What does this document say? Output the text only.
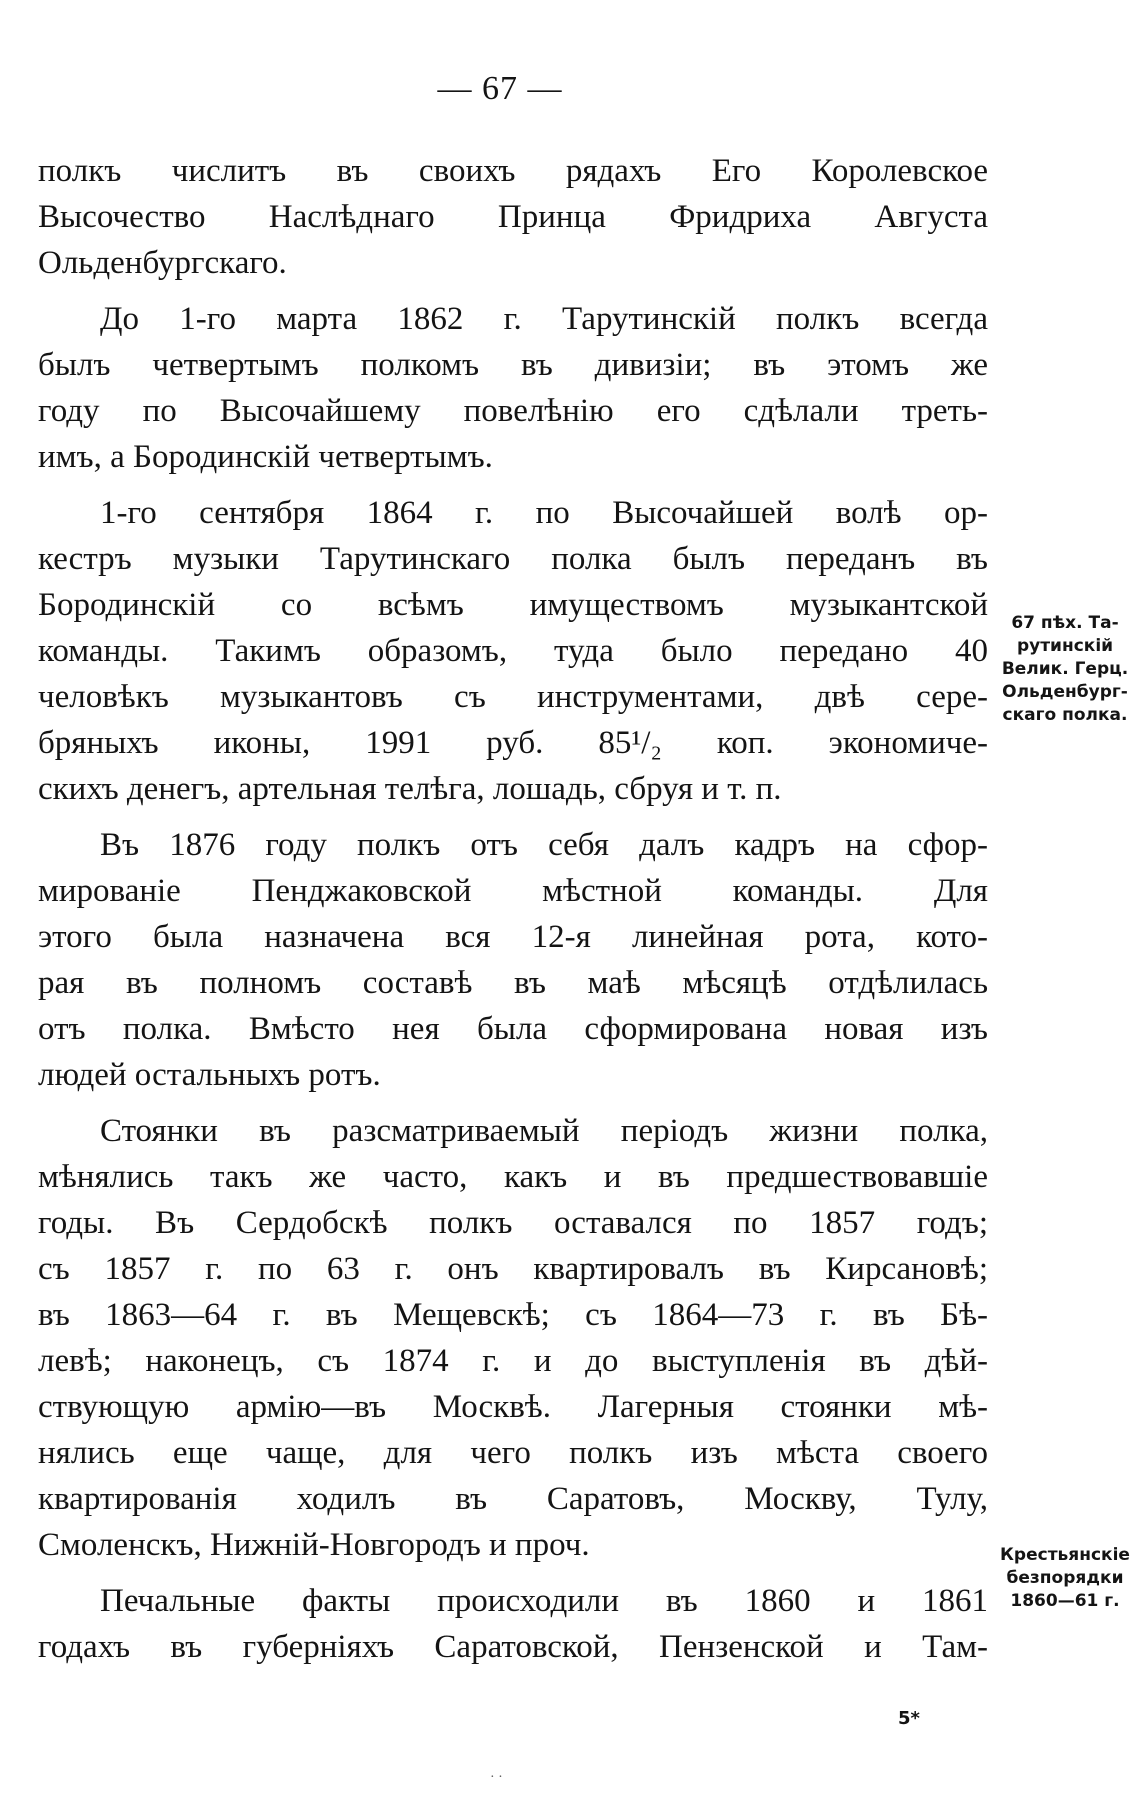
— 67 —
полкъ числитъ въ своихъ рядахъ Его Королевское
Высочество Наслѣднаго Принца Фридриха Августа
Ольденбургскаго.
До 1-го марта 1862 г. Тарутинскій полкъ всегда
былъ четвертымъ полкомъ въ дивизіи; въ этомъ же
году по Высочайшему повелѣнію его сдѣлали треть-
имъ, а Бородинскій четвертымъ.
1-го сентября 1864 г. по Высочайшей волѣ ор-
кестръ музыки Тарутинскаго полка былъ переданъ въ
Бородинскій со всѣмъ имуществомъ музыкантской
команды. Такимъ образомъ, туда было передано 40
человѣкъ музыкантовъ съ инструментами, двѣ сере-
бряныхъ иконы, 1991 руб. 85¹/₂ коп. экономиче-
скихъ денегъ, артельная телѣга, лошадь, сбруя и т. п.
Въ 1876 году полкъ отъ себя далъ кадръ на сфор-
мированіе Пенджаковской мѣстной команды. Для
этого была назначена вся 12-я линейная рота, кото-
рая въ полномъ составѣ въ маѣ мѣсяцѣ отдѣлилась
отъ полка. Вмѣсто нея была сформирована новая изъ
людей остальныхъ ротъ.
Стоянки въ разсматриваемый періодъ жизни полка,
мѣнялись такъ же часто, какъ и въ предшествовавшіе
годы. Въ Сердобскѣ полкъ оставался по 1857 годъ;
съ 1857 г. по 63 г. онъ квартировалъ въ Кирсановѣ;
въ 1863—64 г. въ Мещевскѣ; съ 1864—73 г. въ Бѣ-
левѣ; наконецъ, съ 1874 г. и до выступленія въ дѣй-
ствующую армію—въ Москвѣ. Лагерныя стоянки мѣ-
нялись еще чаще, для чего полкъ изъ мѣста своего
квартированія ходилъ въ Саратовъ, Москву, Тулу,
Смоленскъ, Нижній-Новгородъ и проч.
Печальные факты происходили въ 1860 и 1861
годахъ въ губерніяхъ Саратовской, Пензенской и Там-
67 пѣх. Та-
рутинскій
Велик. Герц.
Ольденбург-
скаго полка.
Крестьянскіе
безпорядки
1860—61 г.
5*
· ·
